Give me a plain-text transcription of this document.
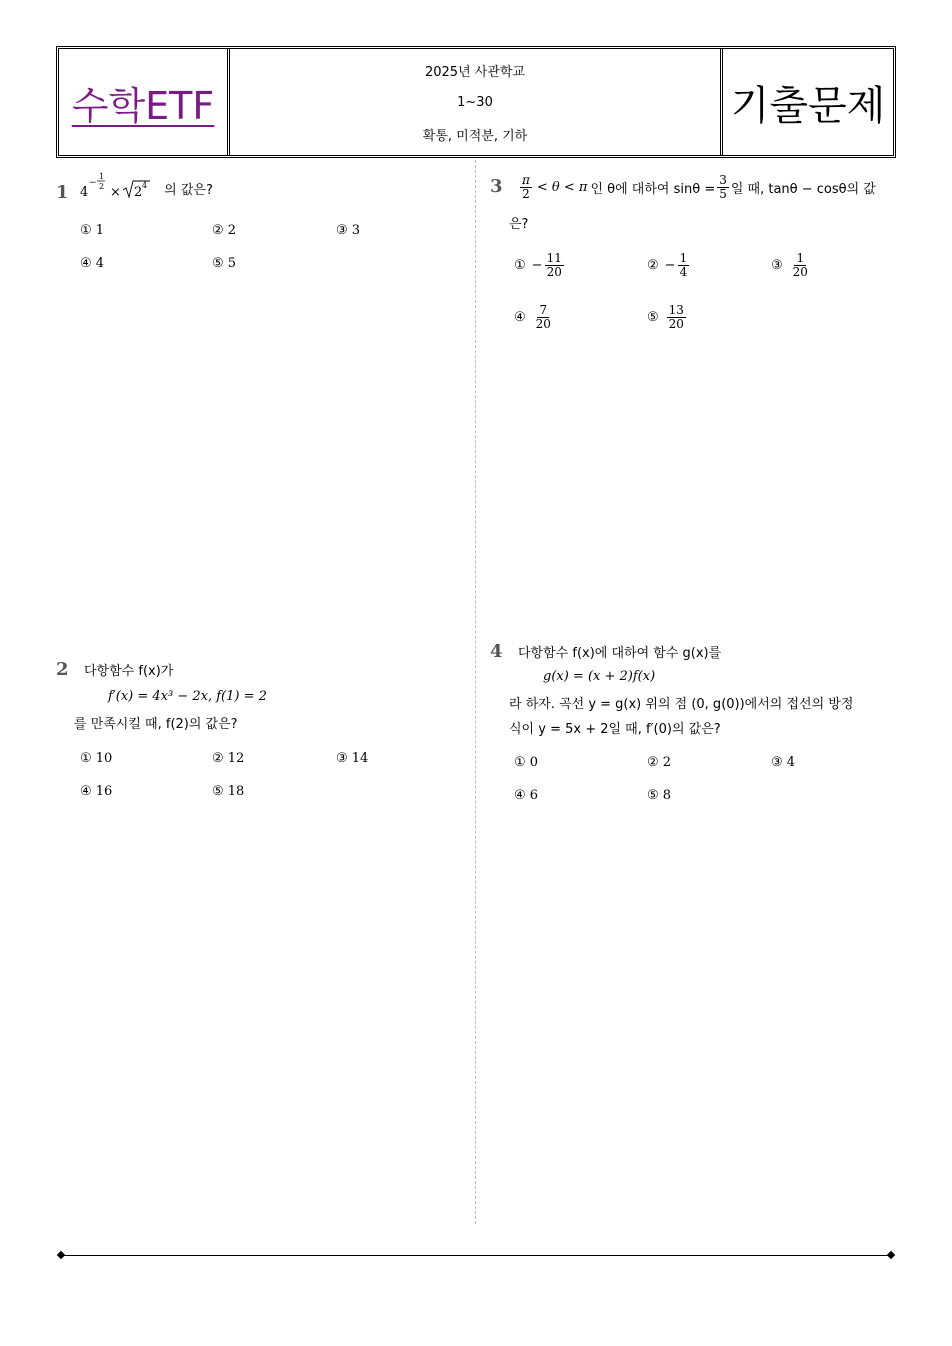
수학ETF
2025년 사관학교
1~30
확통, 미적분, 기하
기출문제
1 4
−
1
2 × 2 4 의 값은?
① 1	② 2	③ 3
④ 4	⑤ 5
2 다항함수 f(x)가
f′(x) = 4x³ − 2x, f(1) = 2
를 만족시킬 때, f(2)의 값은?
① 10	② 12	③ 14
④ 16	⑤ 18
$3 \frac{\pi}{2} < \theta < \pi$ 인 θ에 대하여 $\sin\theta = \frac{3}{5}$ 일 때, tanθ − cosθ의 값
은?
① − $\frac{11}{20}$	② − $\frac{1}{4}$	③ $\frac{1}{20}$
④ $\frac{7}{20}$	⑤ $\frac{13}{20}$
4 다항함수 f(x)에 대하여 함수 g(x)를
g(x) = (x + 2)f(x)
라 하자. 곡선 y = g(x) 위의 점 (0, g(0))에서의 접선의 방정
식이 y = 5x + 2일 때, f′(0)의 값은?
① 0	② 2	③ 4
④ 6	⑤ 8
